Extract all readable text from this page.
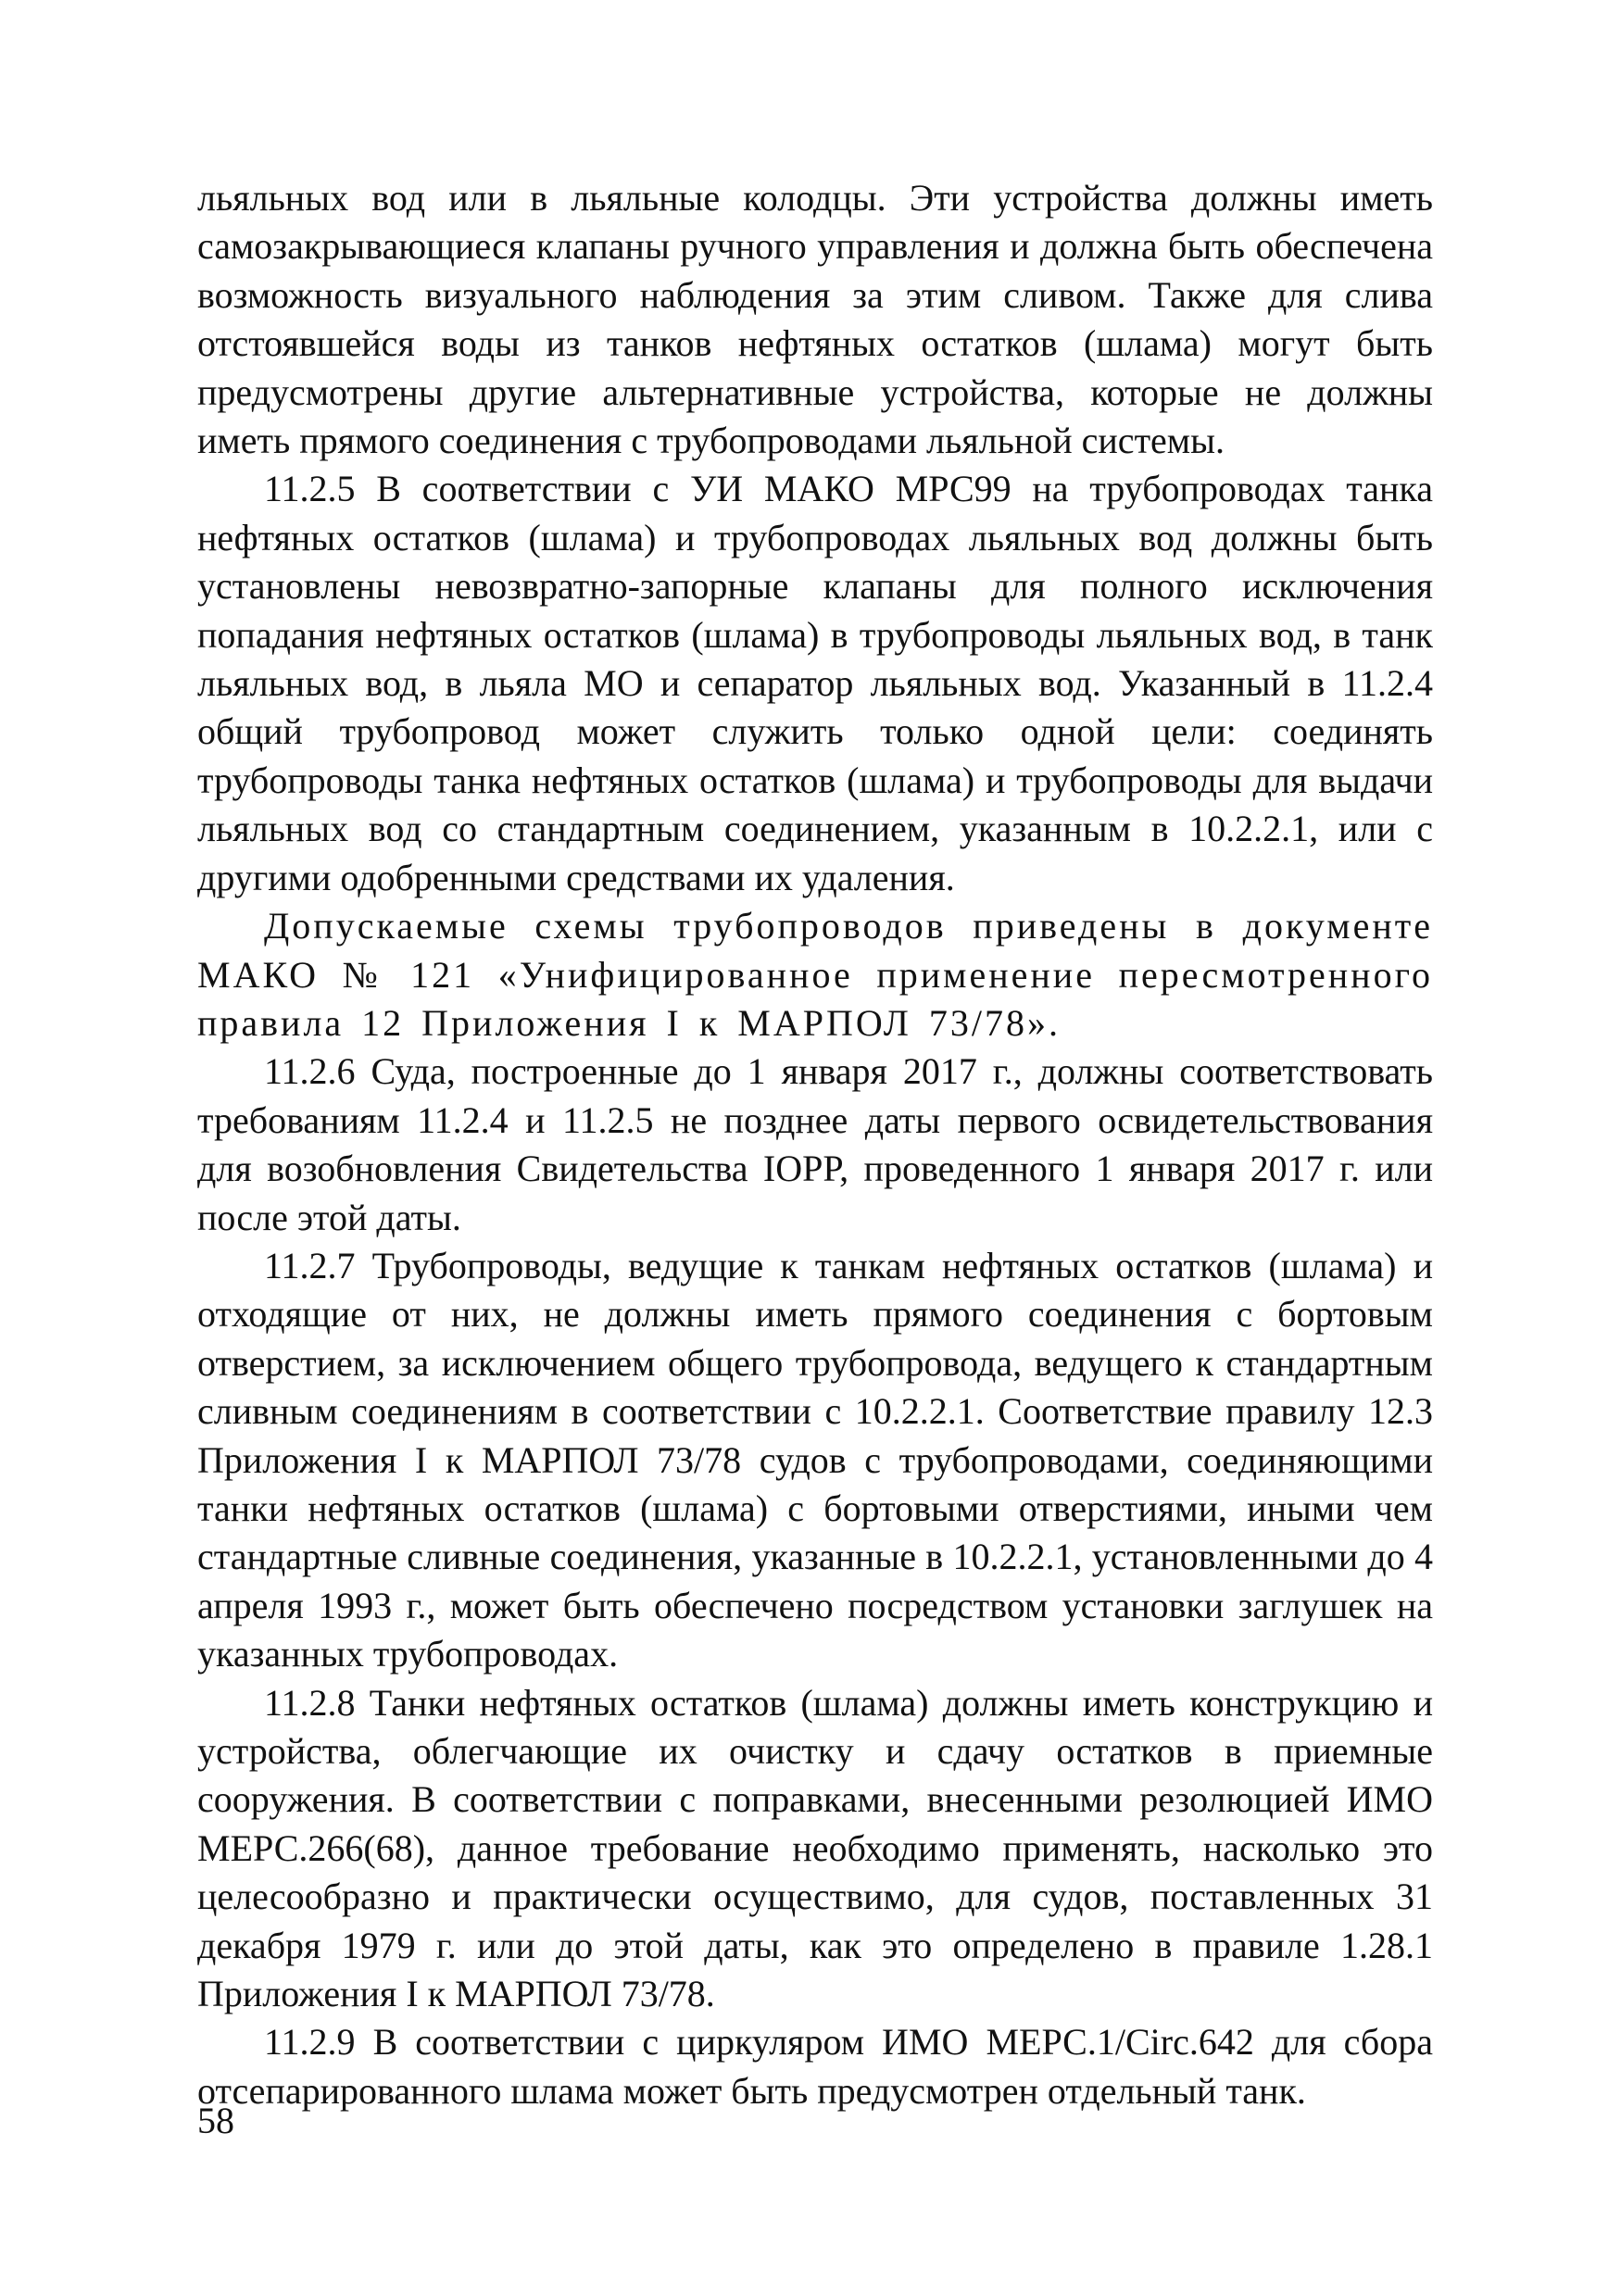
льяльных вод или в льяльные колодцы. Эти устройства должны иметь самозакрывающиеся клапаны ручного управления и должна быть обеспечена возможность визуального наблюдения за этим сливом. Также для слива отстоявшейся воды из танков нефтяных остатков (шлама) могут быть предусмотрены другие альтернативные устройства, которые не должны иметь прямого соединения с трубопроводами льяльной системы.

11.2.5 В соответствии с УИ МАКО МРС99 на трубопроводах танка нефтяных остатков (шлама) и трубопроводах льяльных вод должны быть установлены невозвратно-запорные клапаны для полного исключения попадания нефтяных остатков (шлама) в трубопроводы льяльных вод, в танк льяльных вод, в льяла МО и сепаратор льяльных вод. Указанный в 11.2.4 общий трубопровод может служить только одной цели: соединять трубопроводы танка нефтяных остатков (шлама) и трубопроводы для выдачи льяльных вод со стандартным соединением, указанным в 10.2.2.1, или с другими одобренными средствами их удаления.

Допускаемые схемы трубопроводов приведены в документе МАКО № 121 «Унифицированное применение пересмотренного правила 12 Приложения I к МАРПОЛ 73/78».

11.2.6 Суда, построенные до 1 января 2017 г., должны соответствовать требованиям 11.2.4 и 11.2.5 не позднее даты первого освидетельствования для возобновления Свидетельства IOPP, проведенного 1 января 2017 г. или после этой даты.

11.2.7 Трубопроводы, ведущие к танкам нефтяных остатков (шлама) и отходящие от них, не должны иметь прямого соединения с бортовым отверстием, за исключением общего трубопровода, ведущего к стандартным сливным соединениям в соответствии с 10.2.2.1. Соответствие правилу 12.3 Приложения I к МАРПОЛ 73/78 судов с трубопроводами, соединяющими танки нефтяных остатков (шлама) с бортовыми отверстиями, иными чем стандартные сливные соединения, указанные в 10.2.2.1, установленными до 4 апреля 1993 г., может быть обеспечено посредством установки заглушек на указанных трубопроводах.

11.2.8 Танки нефтяных остатков (шлама) должны иметь конструкцию и устройства, облегчающие их очистку и сдачу остатков в приемные сооружения. В соответствии с поправками, внесенными резолюцией ИМО МЕРС.266(68), данное требование необходимо применять, насколько это целесообразно и практически осуществимо, для судов, поставленных 31 декабря 1979 г. или до этой даты, как это определено в правиле 1.28.1 Приложения I к МАРПОЛ 73/78.

11.2.9 В соответствии с циркуляром ИМО МЕРС.1/Circ.642 для сбора отсепарированного шлама может быть предусмотрен отдельный танк.

58
